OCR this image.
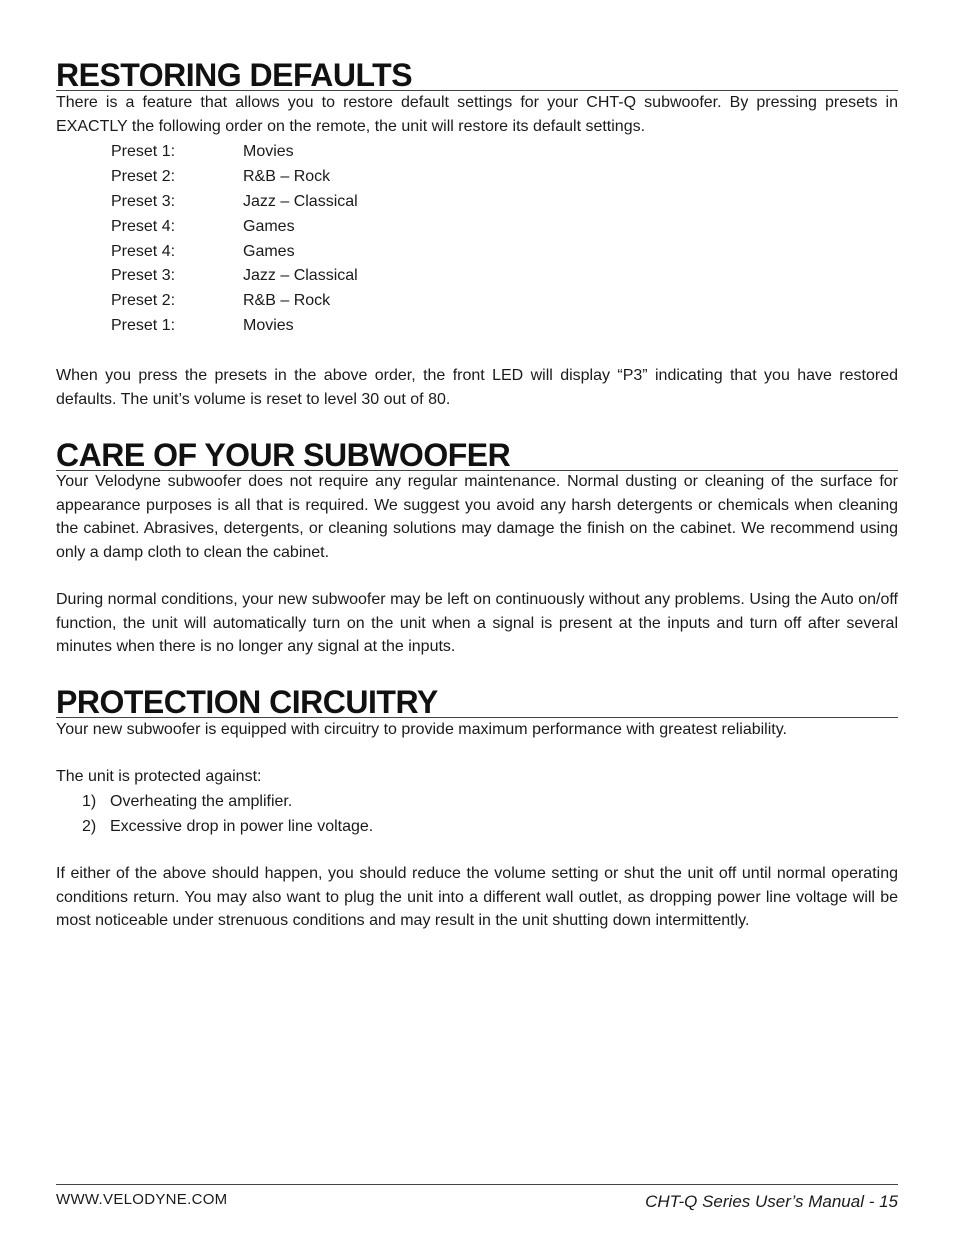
RESTORING DEFAULTS

There is a feature that allows you to restore default settings for your CHT-Q subwoofer. By pressing presets in EXACTLY the following order on the remote, the unit will restore its default settings.

Preset 1:	Movies
Preset 2:	R&B – Rock
Preset 3:	Jazz – Classical
Preset 4:	Games
Preset 4:	Games
Preset 3:	Jazz – Classical
Preset 2:	R&B – Rock
Preset 1:	Movies

When you press the presets in the above order, the front LED will display “P3” indicating that you have restored defaults. The unit’s volume is reset to level 30 out of 80.

CARE OF YOUR SUBWOOFER

Your Velodyne subwoofer does not require any regular maintenance. Normal dusting or cleaning of the surface for appearance purposes is all that is required. We suggest you avoid any harsh detergents or chemicals when cleaning the cabinet. Abrasives, detergents, or cleaning solutions may damage the finish on the cabinet. We recommend using only a damp cloth to clean the cabinet.

During normal conditions, your new subwoofer may be left on continuously without any problems. Using the Auto on/off function, the unit will automatically turn on the unit when a signal is present at the inputs and turn off after several minutes when there is no longer any signal at the inputs.

PROTECTION CIRCUITRY

Your new subwoofer is equipped with circuitry to provide maximum performance with greatest reliability.

The unit is protected against:

1) Overheating the amplifier.
2) Excessive drop in power line voltage.

If either of the above should happen, you should reduce the volume setting or shut the unit off until normal operating conditions return. You may also want to plug the unit into a different wall outlet, as dropping power line voltage will be most noticeable under strenuous conditions and may result in the unit shutting down intermittently.

WWW.VELODYNE.COM	CHT-Q Series User’s Manual - 15
